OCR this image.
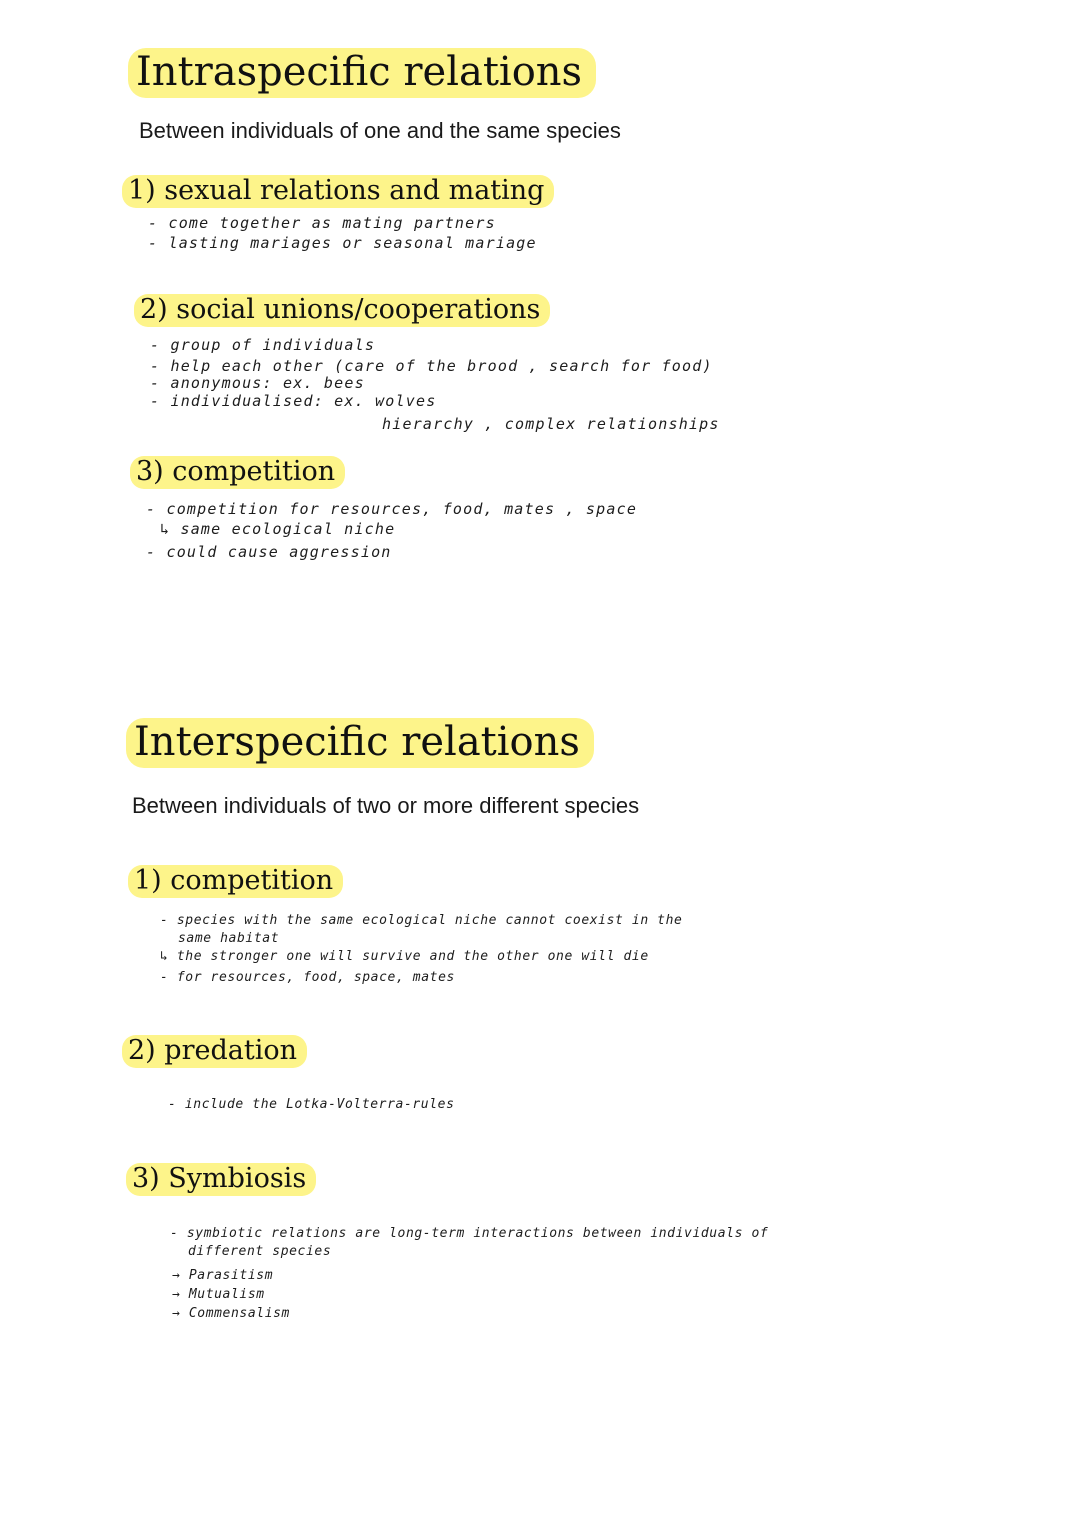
Intraspecific relations
Between individuals of one and the same species
1) sexual relations and mating
- come together as mating partners
- lasting mariages or seasonal mariage
2) social unions/cooperations
- group of individuals
- help each other (care of the brood , search for food)
- anonymous: ex. bees
- individualised: ex. wolves
hierarchy , complex relationships
3) competition
- competition for resources, food, mates , space
↳ same ecological niche
- could cause aggression
Interspecific relations
Between individuals of two or more different species
1) competition
- species with the same ecological niche cannot coexist in the
same habitat
↳ the stronger one will survive and the other one will die
- for resources, food, space, mates
2) predation
- include the Lotka-Volterra-rules
3) Symbiosis
- symbiotic relations are long-term interactions between individuals of
different species
→ Parasitism
→ Mutualism
→ Commensalism
